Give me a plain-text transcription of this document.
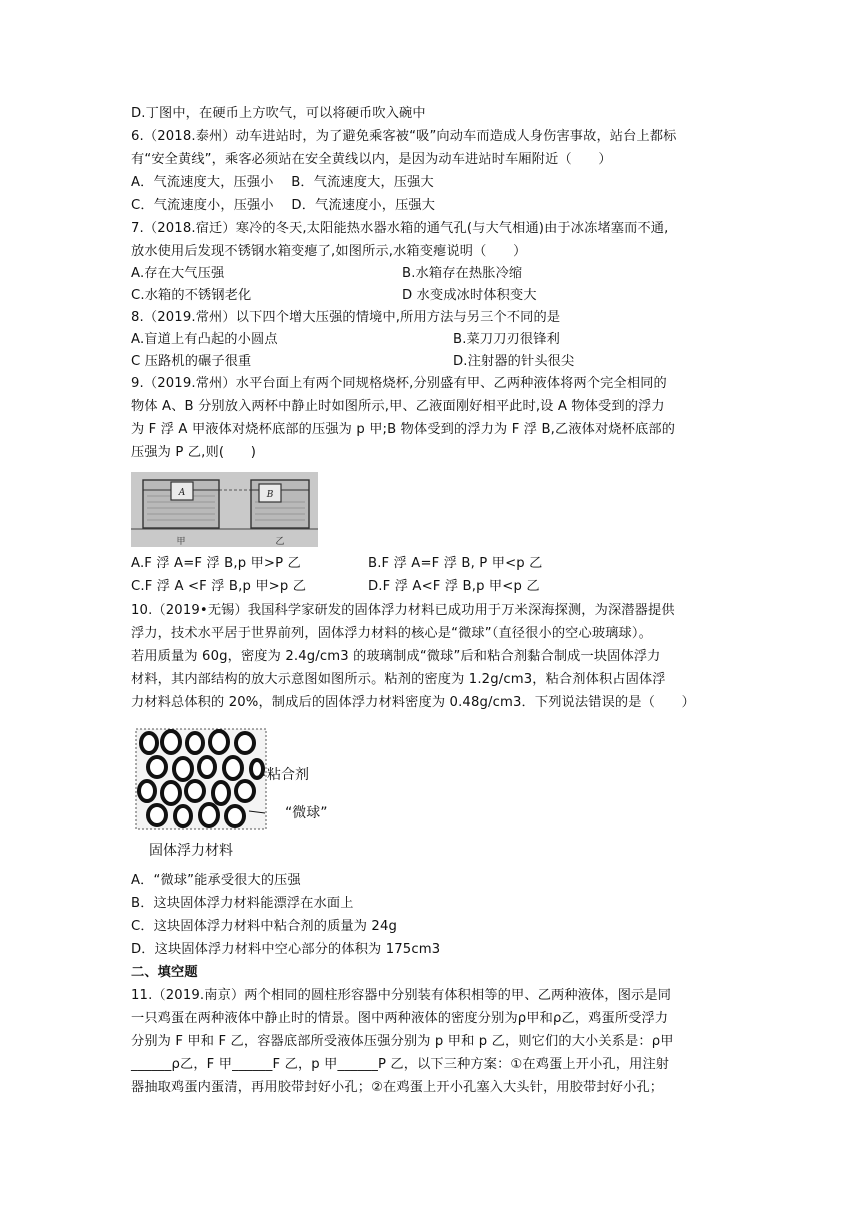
D.丁图中，在硬币上方吹气，可以将硬币吹入碗中
6.（2018.泰州）动车进站时，为了避免乘客被“吸”向动车而造成人身伤害事故，站台上都标
有“安全黄线”，乘客必须站在安全黄线以内，是因为动车进站时车厢附近（　　）
A．气流速度大，压强小　 B．气流速度大，压强大
C．气流速度小，压强小　 D．气流速度小，压强大
7.（2018.宿迁）寒冷的冬天,太阳能热水器水箱的通气孔(与大气相通)由于冰冻堵塞而不通,
放水使用后发现不锈钢水箱变瘪了,如图所示,水箱变瘪说明（　　）
A.存在大气压强	B.水箱存在热胀冷缩
C.水箱的不锈钢老化	D 水变成冰时体积变大
8.（2019.常州）以下四个增大压强的情境中,所用方法与另三个不同的是
A.盲道上有凸起的小圆点	B.菜刀刀刃很锋利
C 压路机的碾子很重	D.注射器的针头很尖
9.（2019.常州）水平台面上有两个同规格烧杯,分别盛有甲、乙两种液体将两个完全相同的
物体 A、B 分别放入两杯中静止时如图所示,甲、乙液面刚好相平此时,设 A 物体受到的浮力
为 F 浮 A 甲液体对烧杯底部的压强为 p 甲;B 物体受到的浮力为 F 浮 B,乙液体对烧杯底部的
压强为 P 乙,则(　　)
A	B
甲	乙
A.F 浮 A=F 浮 B,p 甲>P 乙	B.F 浮 A=F 浮 B, P 甲<p 乙
C.F 浮 A <F 浮 B,p 甲>p 乙	D.F 浮 A<F 浮 B,p 甲<p 乙
10.（2019•无锡）我国科学家研发的固体浮力材料已成功用于万米深海探测，为深潜器提供
浮力，技术水平居于世界前列，固体浮力材料的核心是“微球”（直径很小的空心玻璃球）。
若用质量为 60g，密度为 2.4g/cm3 的玻璃制成“微球”后和粘合剂黏合制成一块固体浮力
材料，其内部结构的放大示意图如图所示。粘剂的密度为 1.2g/cm3，粘合剂体积占固体浮
力材料总体积的 20%，制成后的固体浮力材料密度为 0.48g/cm3．下列说法错误的是（　　）
粘合剂
“微球”
固体浮力材料
A．“微球”能承受很大的压强
B．这块固体浮力材料能漂浮在水面上
C．这块固体浮力材料中粘合剂的质量为 24g
D．这块固体浮力材料中空心部分的体积为 175cm3
二、填空题
11.（2019.南京）两个相同的圆柱形容器中分别装有体积相等的甲、乙两种液体，图示是同
一只鸡蛋在两种液体中静止时的情景。图中两种液体的密度分别为ρ甲和ρ乙，鸡蛋所受浮力
分别为 F 甲和 F 乙，容器底部所受液体压强分别为 p 甲和 p 乙，则它们的大小关系是：ρ甲
______ρ乙，F 甲______F 乙，p 甲______P 乙，以下三种方案：①在鸡蛋上开小孔，用注射
器抽取鸡蛋内蛋清，再用胶带封好小孔；②在鸡蛋上开小孔塞入大头针，用胶带封好小孔；
